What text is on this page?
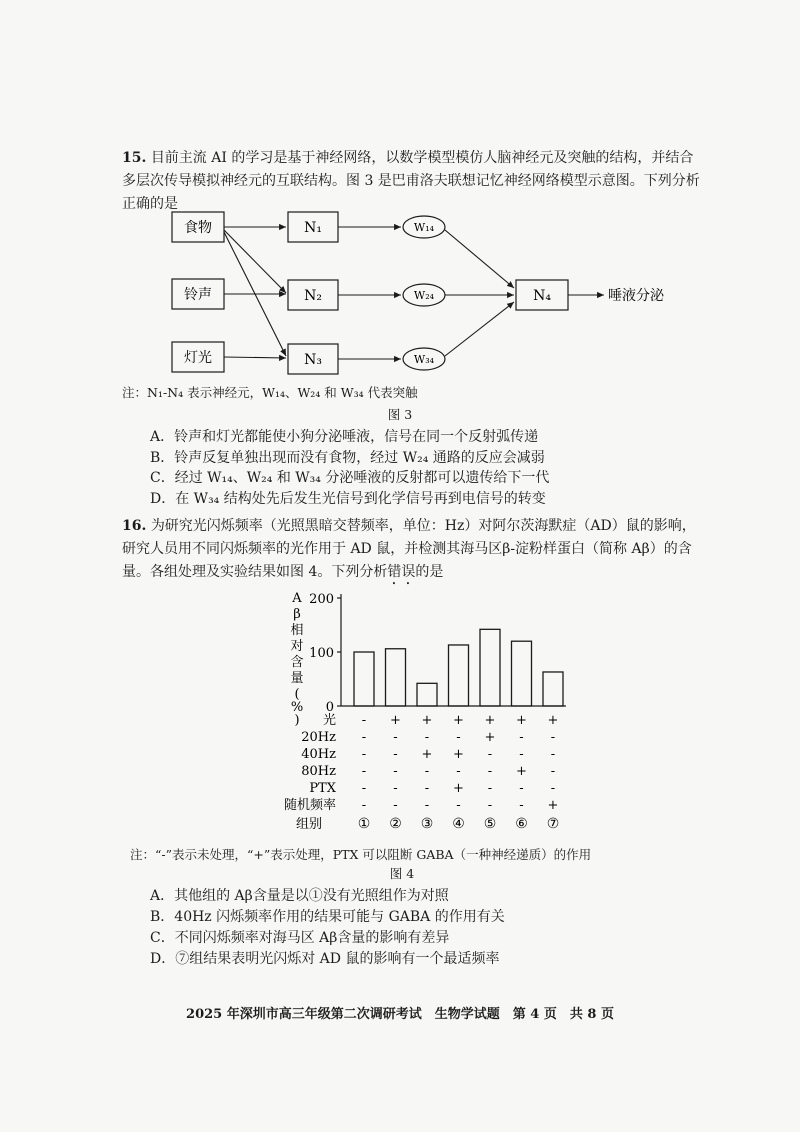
15. 目前主流 AI 的学习是基于神经网络，以数学模型模仿人脑神经元及突触的结构，并结合多层次传导模拟神经元的互联结构。图 3 是巴甫洛夫联想记忆神经网络模型示意图。下列分析正确的是
食物
铃声
灯光
N₁
N₂
N₃
W₁₄
W₂₄
W₃₄
N₄	唾液分泌
注：N₁-N₄ 表示神经元，W₁₄、W₂₄ 和 W₃₄ 代表突触
图 3
A．铃声和灯光都能使小狗分泌唾液，信号在同一个反射弧传递
B．铃声反复单独出现而没有食物，经过 W₂₄ 通路的反应会减弱
C．经过 W₁₄、W₂₄ 和 W₃₄ 分泌唾液的反射都可以遗传给下一代
D．在 W₃₄ 结构处先后发生光信号到化学信号再到电信号的转变
16. 为研究光闪烁频率（光照黑暗交替频率，单位：Hz）对阿尔茨海默症（AD）鼠的影响，研究人员用不同闪烁频率的光作用于 AD 鼠，并检测其海马区β-淀粉样蛋白（简称 Aβ）的含量。各组处理及实验结果如图 4。下列分析错误的是
A
β
相
对
含
量
(
%
)
0
100
200
光 - + + + + + +
20Hz - - - - + - -
40Hz - - + + - - -
80Hz - - - - - + -
PTX - - - + - - -
随机频率 - - - - - - +
组别	① ② ③ ④ ⑤ ⑥ ⑦
注：“-”表示未处理，“+”表示处理，PTX 可以阻断 GABA（一种神经递质）的作用
图 4
A．其他组的 Aβ含量是以①没有光照组作为对照
B．40Hz 闪烁频率作用的结果可能与 GABA 的作用有关
C．不同闪烁频率对海马区 Aβ含量的影响有差异
D．⑦组结果表明光闪烁对 AD 鼠的影响有一个最适频率
2025 年深圳市高三年级第二次调研考试　生物学试题　第 4 页　共 8 页
